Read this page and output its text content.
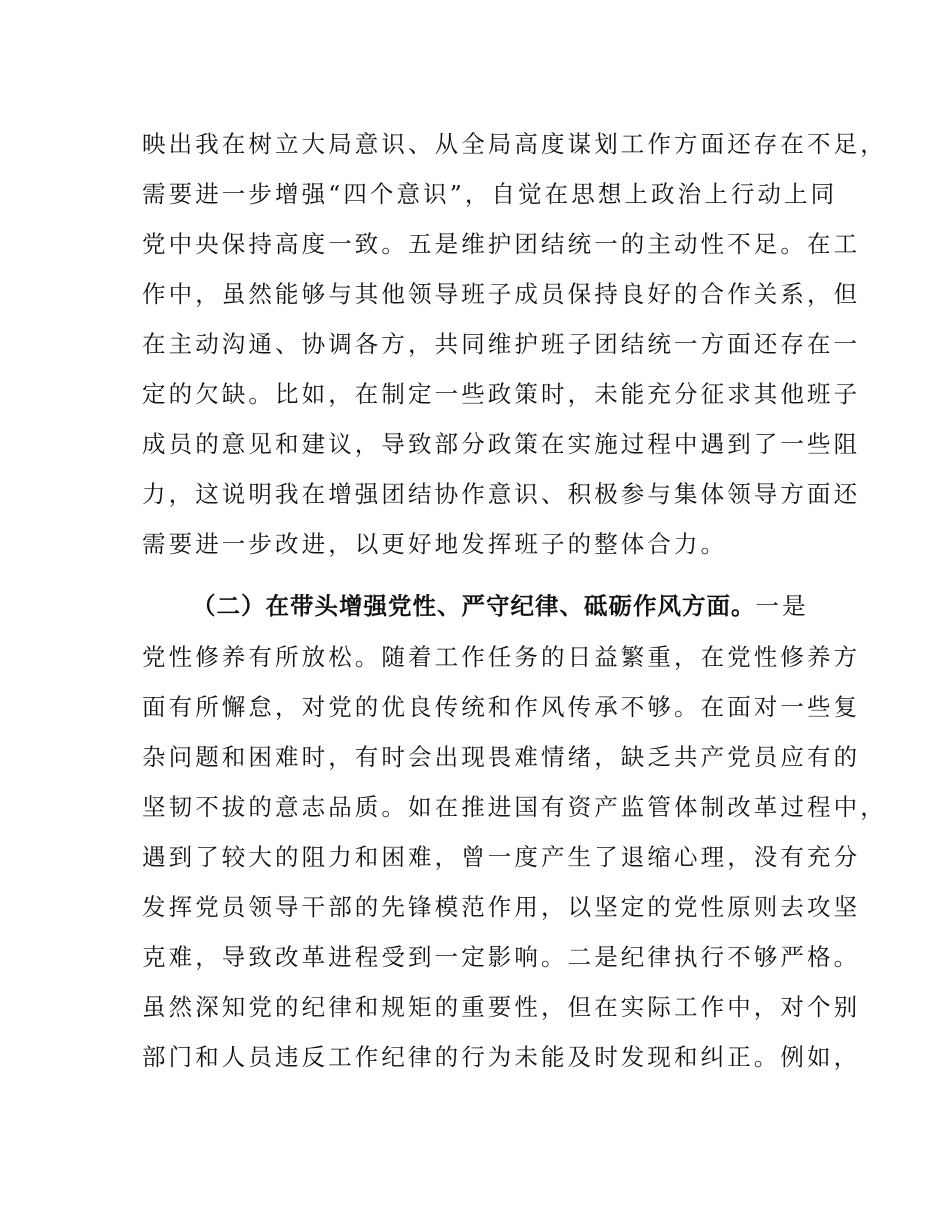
映出我在树立大局意识、从全局高度谋划工作方面还存在不足，
需要进一步增强“四个意识”，自觉在思想上政治上行动上同
党中央保持高度一致。五是维护团结统一的主动性不足。在工
作中，虽然能够与其他领导班子成员保持良好的合作关系，但
在主动沟通、协调各方，共同维护班子团结统一方面还存在一
定的欠缺。比如，在制定一些政策时，未能充分征求其他班子
成员的意见和建议，导致部分政策在实施过程中遇到了一些阻
力，这说明我在增强团结协作意识、积极参与集体领导方面还
需要进一步改进，以更好地发挥班子的整体合力。
（二）在带头增强党性、严守纪律、砥砺作风方面。一是
党性修养有所放松。随着工作任务的日益繁重，在党性修养方
面有所懈怠，对党的优良传统和作风传承不够。在面对一些复
杂问题和困难时，有时会出现畏难情绪，缺乏共产党员应有的
坚韧不拔的意志品质。如在推进国有资产监管体制改革过程中，
遇到了较大的阻力和困难，曾一度产生了退缩心理，没有充分
发挥党员领导干部的先锋模范作用，以坚定的党性原则去攻坚
克难，导致改革进程受到一定影响。二是纪律执行不够严格。
虽然深知党的纪律和规矩的重要性，但在实际工作中，对个别
部门和人员违反工作纪律的行为未能及时发现和纠正。例如，
